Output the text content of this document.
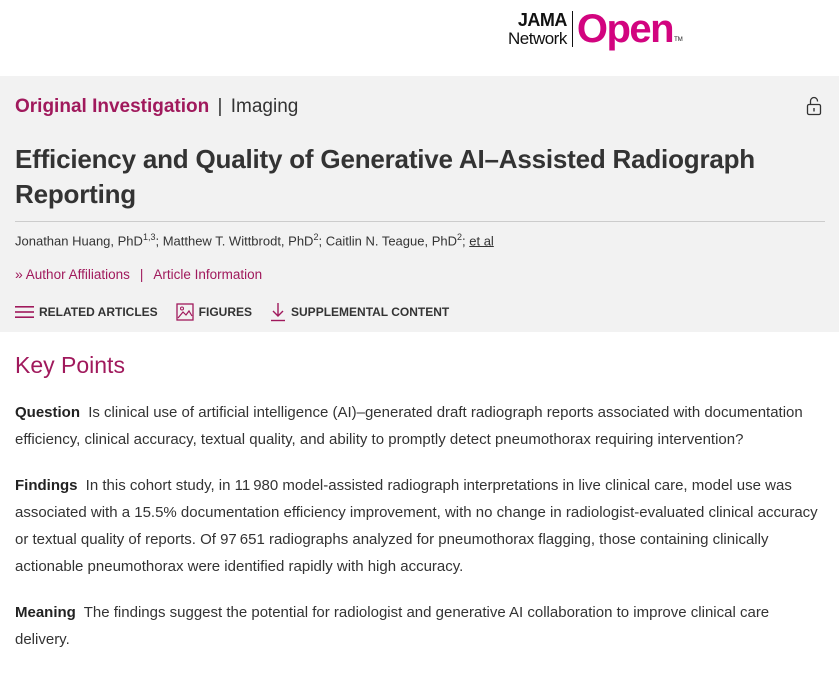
JAMA
Network Open TM
Original Investigation | Imaging
Efficiency and Quality of Generative AI–Assisted Radiograph Reporting
Jonathan Huang, PhD$^{1,3}$; Matthew T. Wittbrodt, PhD$^2$; Caitlin N. Teague, PhD$^2$; et al
» Author Affiliations | Article Information
RELATED ARTICLES	FIGURES	SUPPLEMENTAL CONTENT
Key Points

Question Is clinical use of artificial intelligence (AI)–generated draft radiograph reports associated with documentation efficiency, clinical accuracy, textual quality, and ability to promptly detect pneumothorax requiring intervention?

Findings In this cohort study, in 11 980 model-assisted radiograph interpretations in live clinical care, model use was associated with a 15.5% documentation efficiency improvement, with no change in radiologist-evaluated clinical accuracy or textual quality of reports. Of 97 651 radiographs analyzed for pneumothorax flagging, those containing clinically actionable pneumothorax were identified rapidly with high accuracy.

Meaning The findings suggest the potential for radiologist and generative AI collaboration to improve clinical care delivery.
